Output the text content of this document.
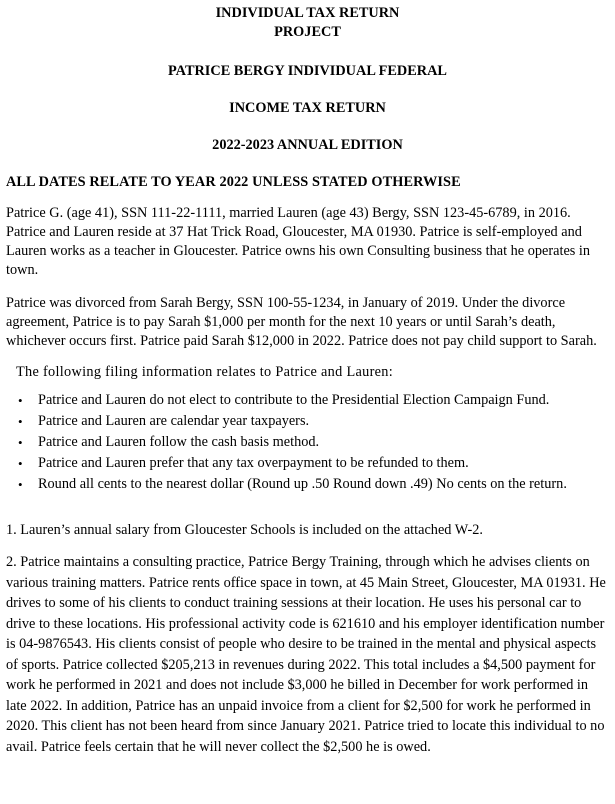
INDIVIDUAL TAX RETURN
PROJECT
PATRICE BERGY INDIVIDUAL FEDERAL
INCOME TAX RETURN
2022-2023 ANNUAL EDITION
ALL DATES RELATE TO YEAR 2022 UNLESS STATED OTHERWISE
Patrice G. (age 41), SSN 111-22-1111, married Lauren (age 43) Bergy, SSN 123-45-6789, in 2016. Patrice and Lauren reside at 37 Hat Trick Road, Gloucester, MA 01930. Patrice is self-employed and Lauren works as a teacher in Gloucester. Patrice owns his own Consulting business that he operates in town.
Patrice was divorced from Sarah Bergy, SSN 100-55-1234, in January of 2019. Under the divorce agreement, Patrice is to pay Sarah $1,000 per month for the next 10 years or until Sarah’s death, whichever occurs first. Patrice paid Sarah $12,000 in 2022. Patrice does not pay child support to Sarah.
The following filing information relates to Patrice and Lauren:
• Patrice and Lauren do not elect to contribute to the Presidential Election Campaign Fund.
• Patrice and Lauren are calendar year taxpayers.
• Patrice and Lauren follow the cash basis method.
• Patrice and Lauren prefer that any tax overpayment to be refunded to them.
• Round all cents to the nearest dollar (Round up .50 Round down .49) No cents on the return.
1. Lauren’s annual salary from Gloucester Schools is included on the attached W-2.
2. Patrice maintains a consulting practice, Patrice Bergy Training, through which he advises clients on various training matters. Patrice rents office space in town, at 45 Main Street, Gloucester, MA 01931. He drives to some of his clients to conduct training sessions at their location. He uses his personal car to drive to these locations. His professional activity code is 621610 and his employer identification number is 04-9876543. His clients consist of people who desire to be trained in the mental and physical aspects of sports. Patrice collected $205,213 in revenues during 2022. This total includes a $4,500 payment for work he performed in 2021 and does not include $3,000 he billed in December for work performed in late 2022. In addition, Patrice has an unpaid invoice from a client for $2,500 for work he performed in 2020. This client has not been heard from since January 2021. Patrice tried to locate this individual to no avail. Patrice feels certain that he will never collect the $2,500 he is owed.
